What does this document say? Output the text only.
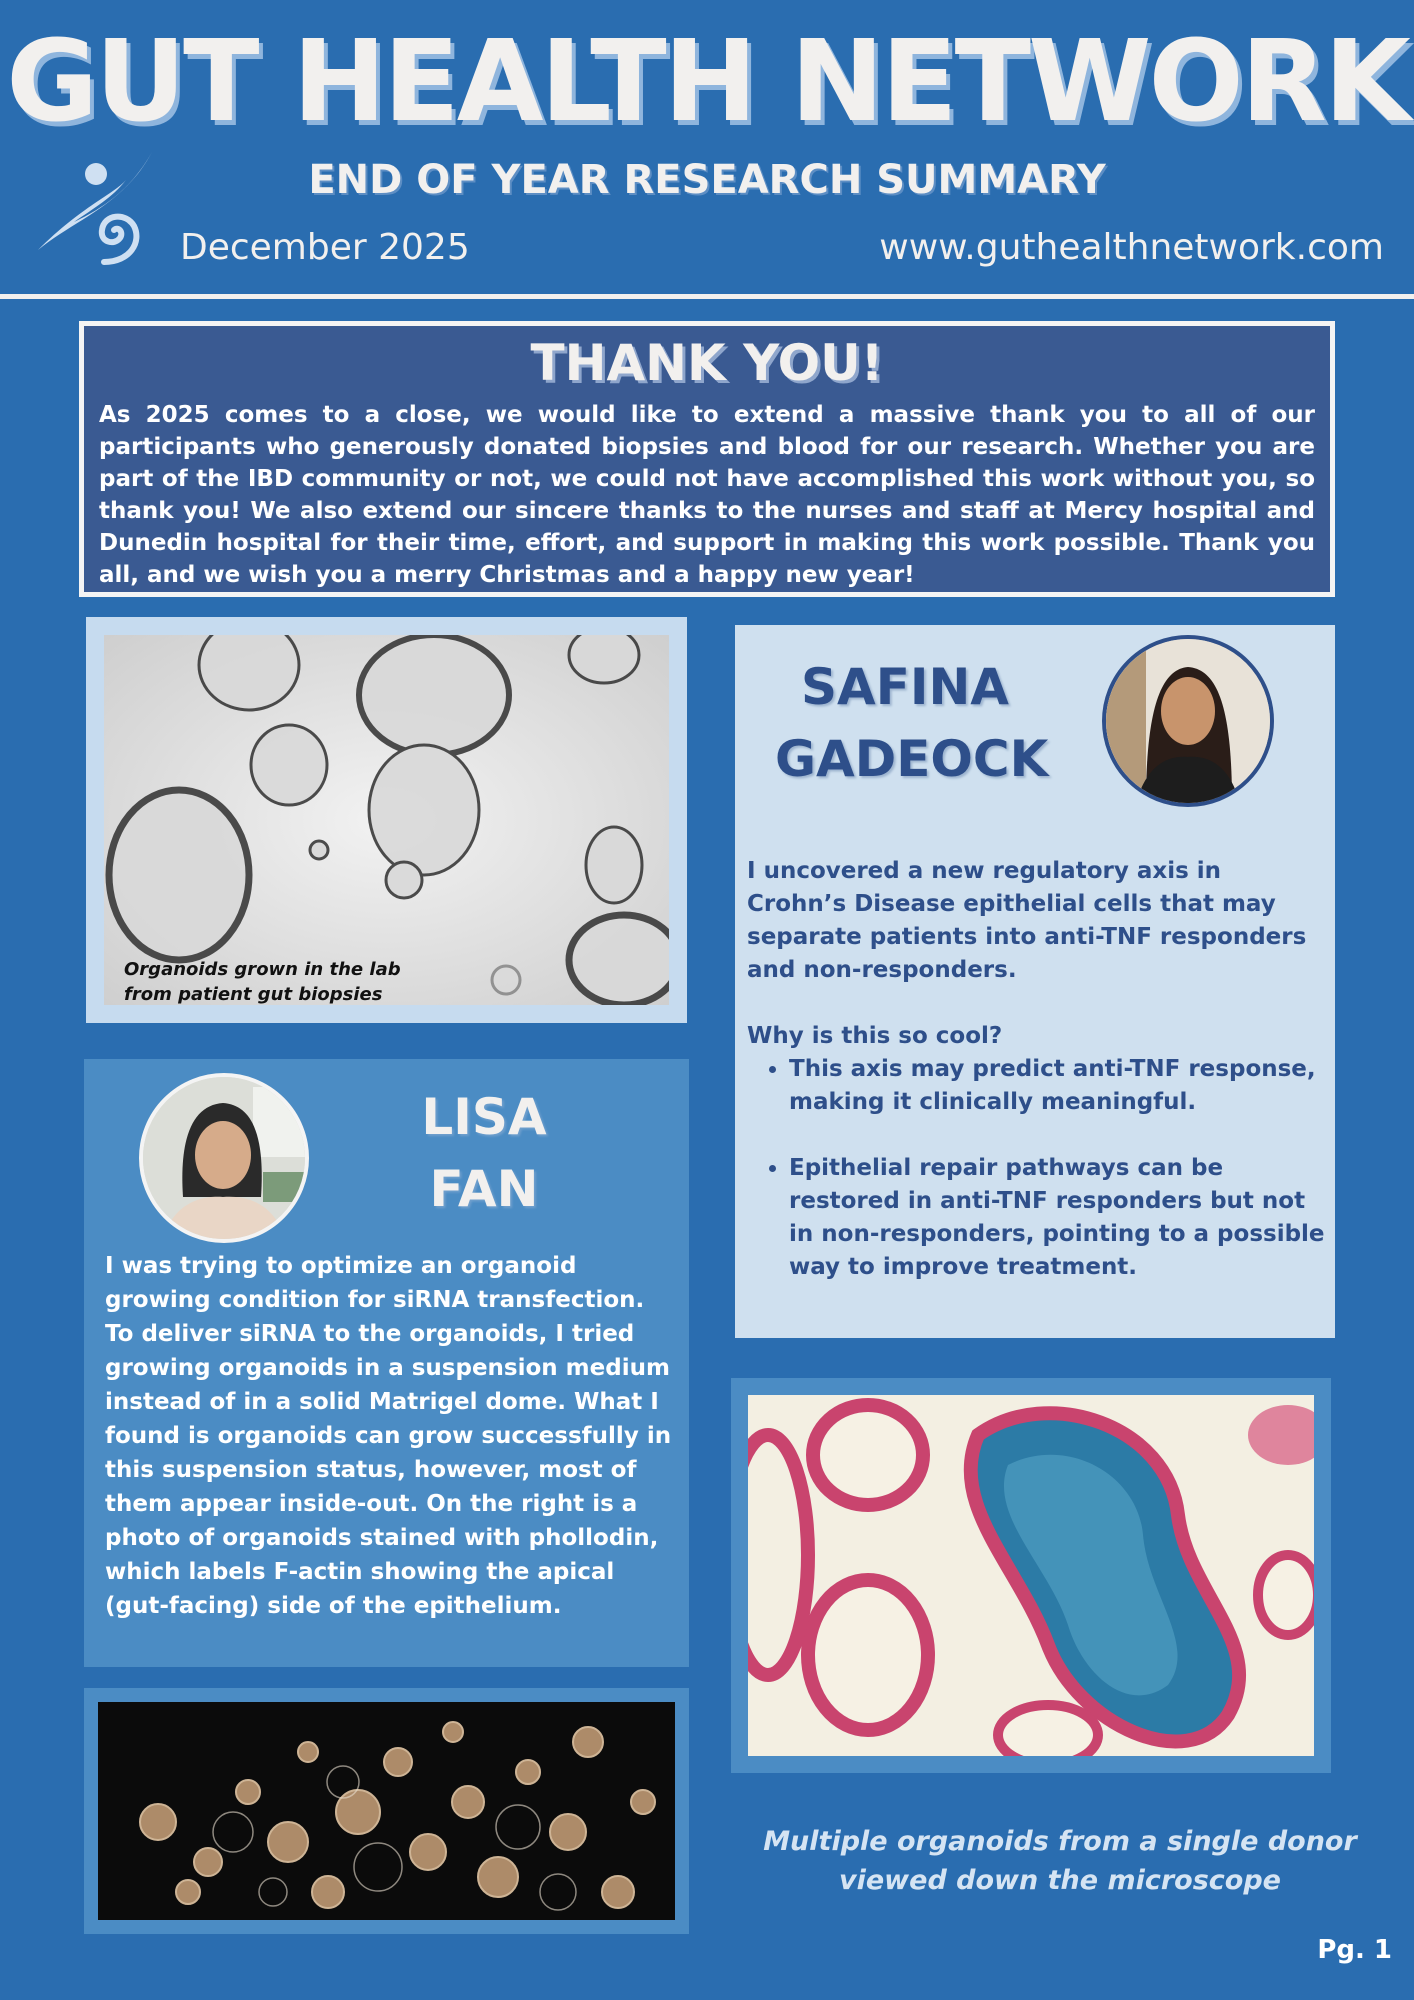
GUT HEALTH NETWORK
END OF YEAR RESEARCH SUMMARY
December 2025	www.guthealthnetwork.com
THANK YOU!
As 2025 comes to a close, we would like to extend a massive thank you to all of our participants who generously donated biopsies and blood for our research. Whether you are part of the IBD community or not, we could not have accomplished this work without you, so thank you! We also extend our sincere thanks to the nurses and staff at Mercy hospital and Dunedin hospital for their time, effort, and support in making this work possible. Thank you all, and we wish you a merry Christmas and a happy new year!
Organoids grown in the lab from patient gut biopsies
SAFINA
GADEOCK
I uncovered a new regulatory axis in Crohn’s Disease epithelial cells that may separate patients into anti-TNF responders and non-responders.
Why is this so cool?
• This axis may predict anti-TNF response, making it clinically meaningful.
• Epithelial repair pathways can be restored in anti-TNF responders but not in non-responders, pointing to a possible way to improve treatment.
LISA
FAN
I was trying to optimize an organoid growing condition for siRNA transfection. To deliver siRNA to the organoids, I tried growing organoids in a suspension medium instead of in a solid Matrigel dome. What I found is organoids can grow successfully in this suspension status, however, most of them appear inside-out. On the right is a photo of organoids stained with phollodin, which labels F-actin showing the apical (gut-facing) side of the epithelium.
Multiple organoids from a single donor
viewed down the microscope
Pg. 1
